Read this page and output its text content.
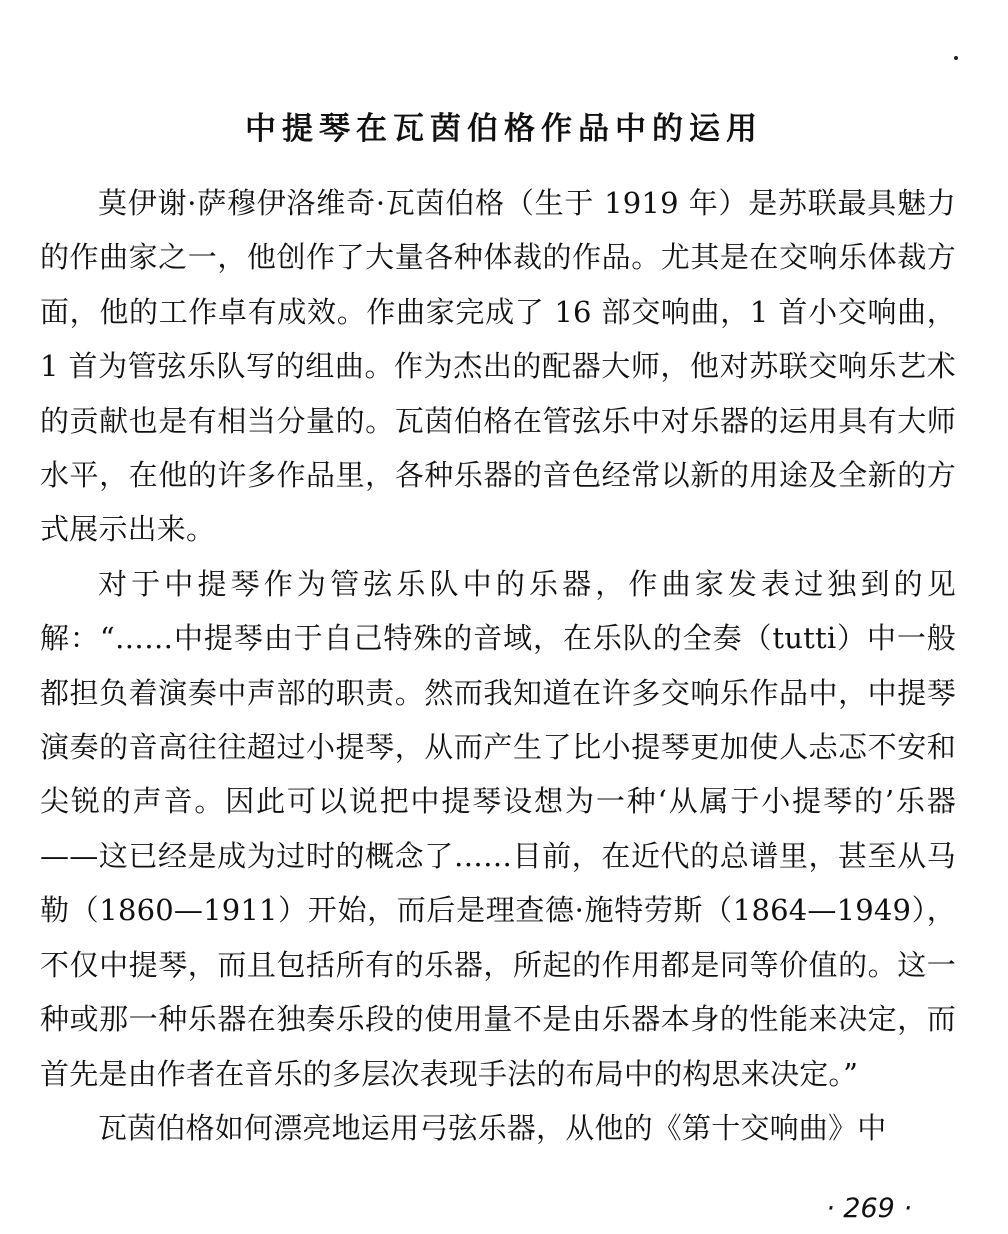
中提琴在瓦茵伯格作品中的运用

莫伊谢·萨穆伊洛维奇·瓦茵伯格（生于 1919 年）是苏联最具魅力的作曲家之一，他创作了大量各种体裁的作品。尤其是在交响乐体裁方面，他的工作卓有成效。作曲家完成了 16 部交响曲，1 首小交响曲，1 首为管弦乐队写的组曲。作为杰出的配器大师，他对苏联交响乐艺术的贡献也是有相当分量的。瓦茵伯格在管弦乐中对乐器的运用具有大师水平，在他的许多作品里，各种乐器的音色经常以新的用途及全新的方式展示出来。

对于中提琴作为管弦乐队中的乐器，作曲家发表过独到的见解：“……中提琴由于自己特殊的音域，在乐队的全奏（tutti）中一般都担负着演奏中声部的职责。然而我知道在许多交响乐作品中，中提琴演奏的音高往往超过小提琴，从而产生了比小提琴更加使人忐忑不安和尖锐的声音。因此可以说把中提琴设想为一种‘从属于小提琴的’乐器——这已经是成为过时的概念了……目前，在近代的总谱里，甚至从马勒（1860—1911）开始，而后是理查德·施特劳斯（1864—1949），不仅中提琴，而且包括所有的乐器，所起的作用都是同等价值的。这一种或那一种乐器在独奏乐段的使用量不是由乐器本身的性能来决定，而首先是由作者在音乐的多层次表现手法的布局中的构思来决定。”

瓦茵伯格如何漂亮地运用弓弦乐器，从他的《第十交响曲》中

· 269 ·
